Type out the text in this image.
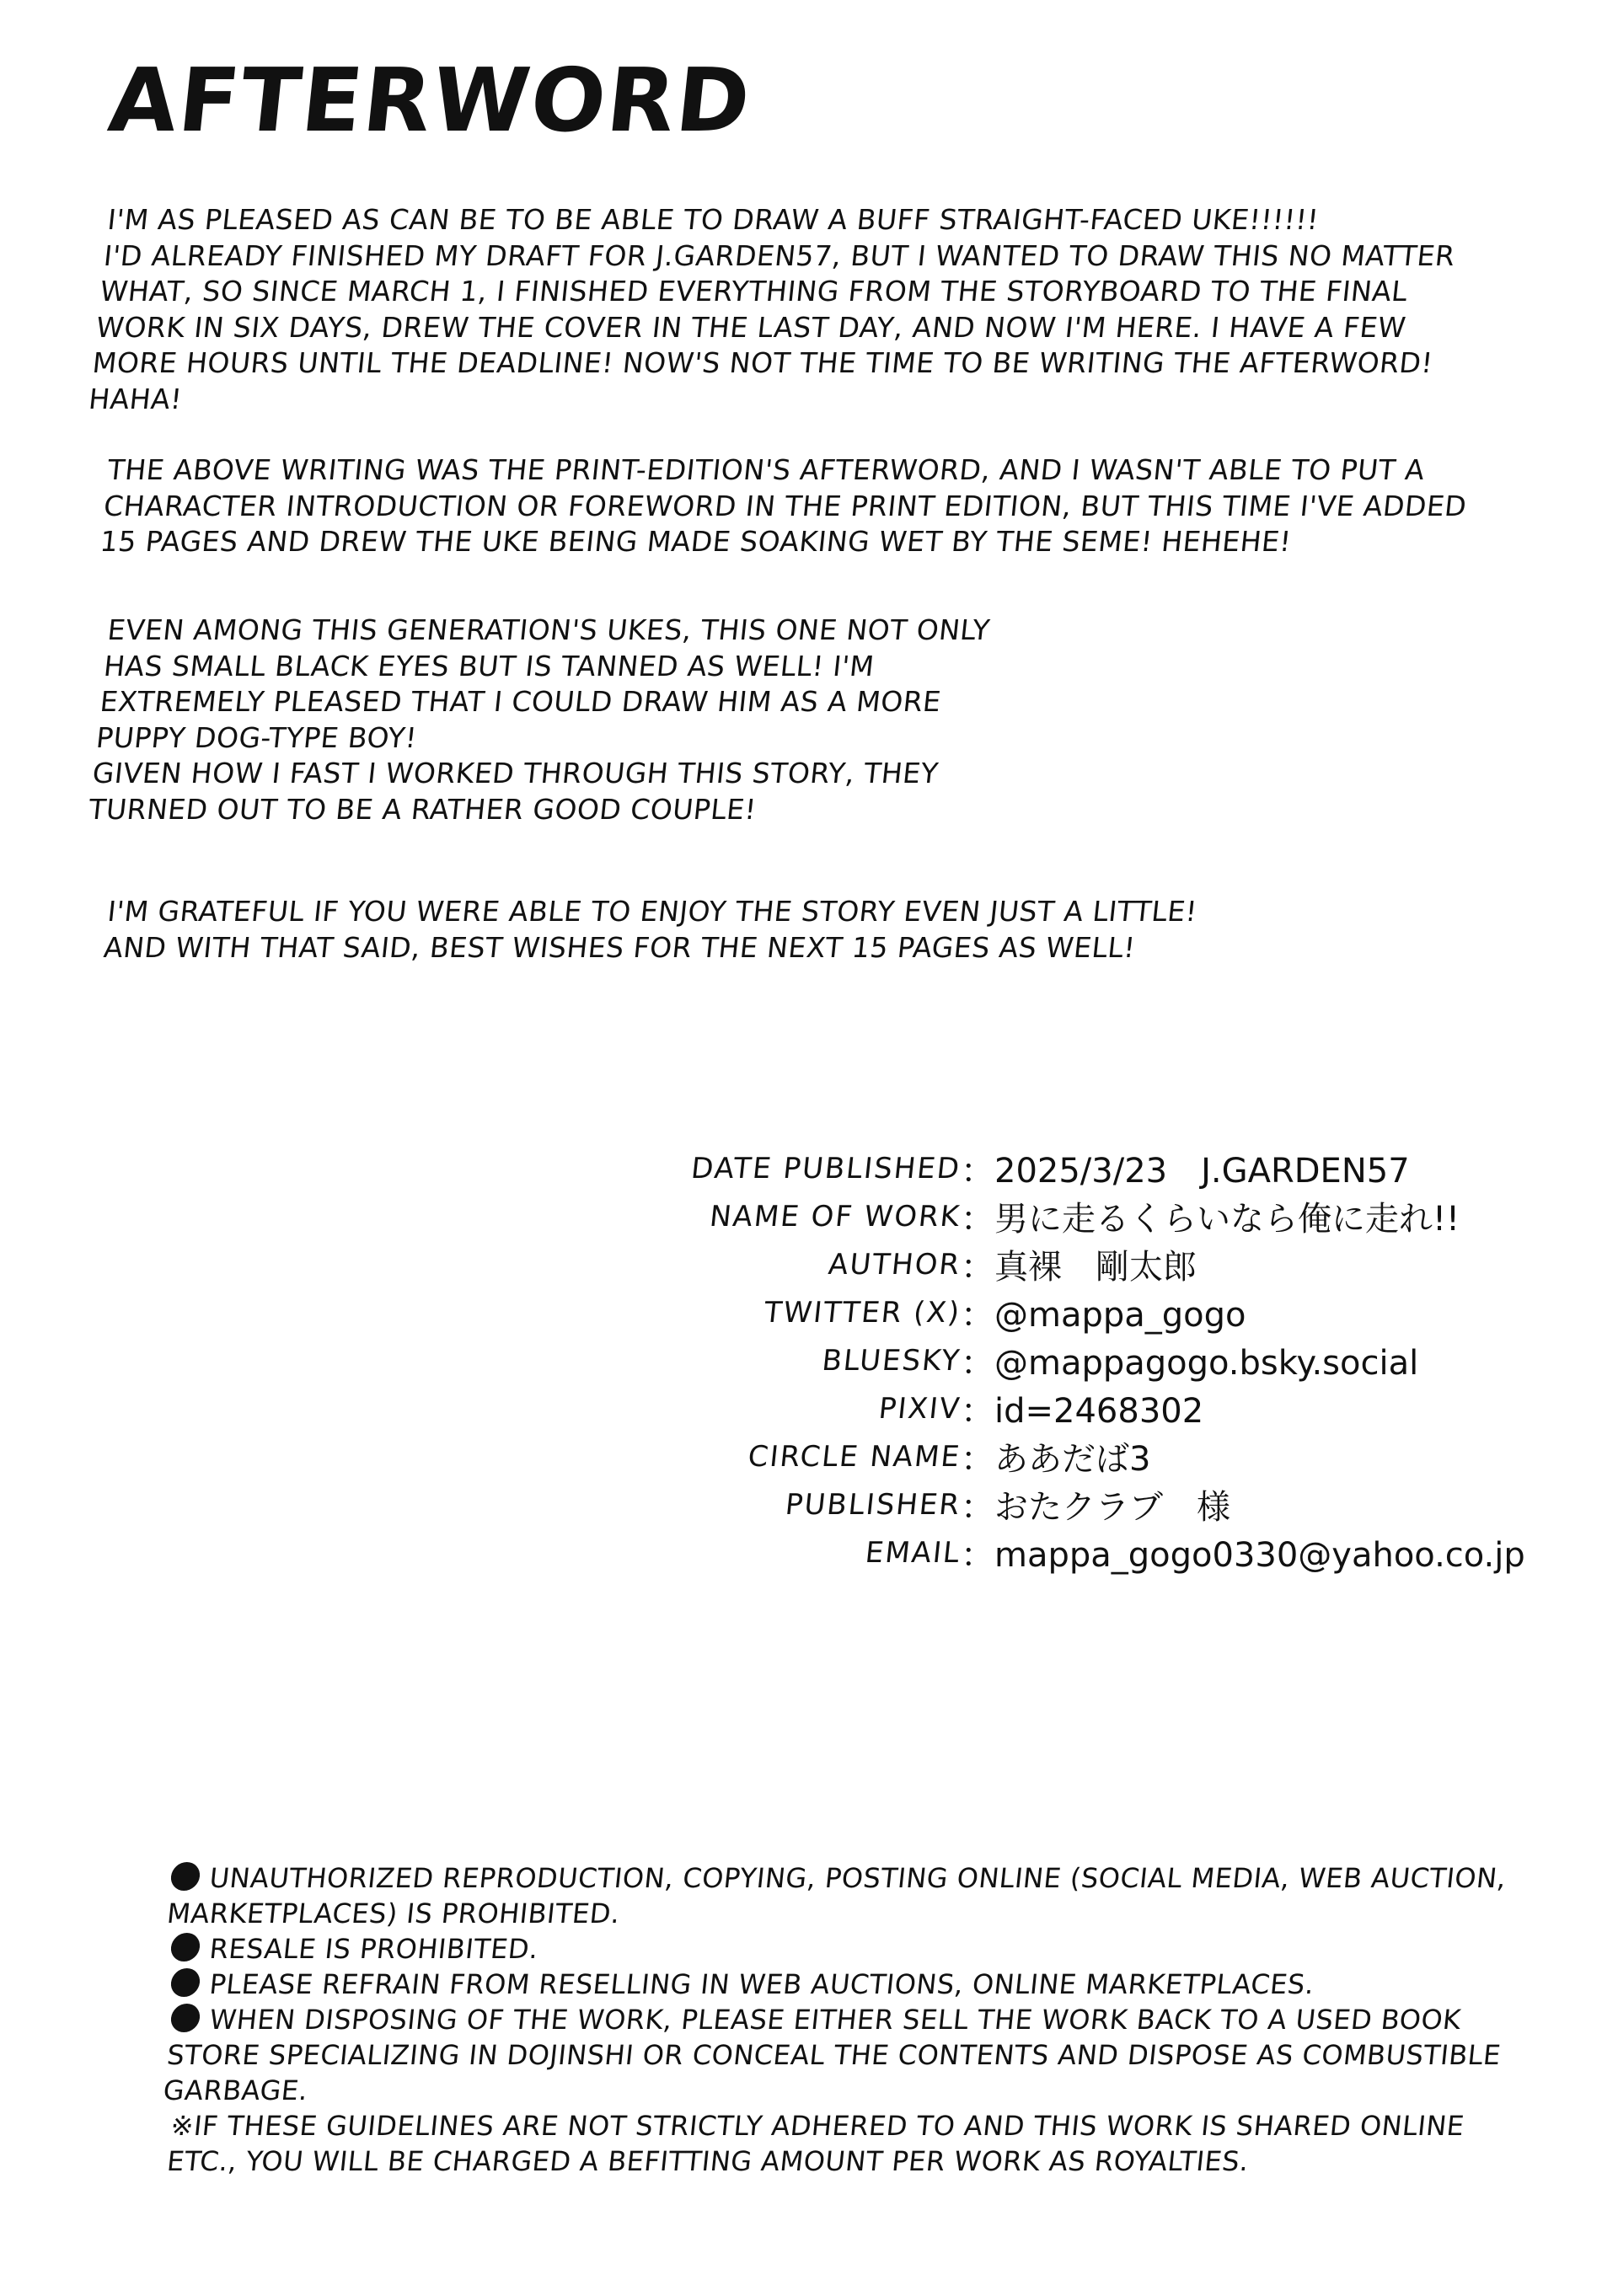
AFTERWORD

I'M AS PLEASED AS CAN BE TO BE ABLE TO DRAW A BUFF STRAIGHT-FACED UKE!!!!!!
I'D ALREADY FINISHED MY DRAFT FOR J.GARDEN57, BUT I WANTED TO DRAW THIS NO MATTER WHAT, SO SINCE MARCH 1, I FINISHED EVERYTHING FROM THE STORYBOARD TO THE FINAL WORK IN SIX DAYS, DREW THE COVER IN THE LAST DAY, AND NOW I'M HERE. I HAVE A FEW MORE HOURS UNTIL THE DEADLINE! NOW'S NOT THE TIME TO BE WRITING THE AFTERWORD! HAHA!

THE ABOVE WRITING WAS THE PRINT-EDITION'S AFTERWORD, AND I WASN'T ABLE TO PUT A CHARACTER INTRODUCTION OR FOREWORD IN THE PRINT EDITION, BUT THIS TIME I'VE ADDED 15 PAGES AND DREW THE UKE BEING MADE SOAKING WET BY THE SEME! HEHEHE!

EVEN AMONG THIS GENERATION'S UKES, THIS ONE NOT ONLY HAS SMALL BLACK EYES BUT IS TANNED AS WELL! I'M EXTREMELY PLEASED THAT I COULD DRAW HIM AS A MORE PUPPY DOG-TYPE BOY!
GIVEN HOW I FAST I WORKED THROUGH THIS STORY, THEY TURNED OUT TO BE A RATHER GOOD COUPLE!

I'M GRATEFUL IF YOU WERE ABLE TO ENJOY THE STORY EVEN JUST A LITTLE!
AND WITH THAT SAID, BEST WISHES FOR THE NEXT 15 PAGES AS WELL!

DATE PUBLISHED
：2025/3/23　J.GARDEN57
NAME OF WORK
：男に走るくらいなら俺に走れ!!
AUTHOR
：真裸　剛太郎
TWITTER (X)
：@mappa_gogo
BLUESKY
：@mappagogo.bsky.social
PIXIV
：id=2468302
CIRCLE NAME
：ああだば3
PUBLISHER
：おたクラブ　様
EMAIL
：mappa_gogo0330@yahoo.co.jp

UNAUTHORIZED REPRODUCTION, COPYING, POSTING ONLINE (SOCIAL MEDIA, WEB AUCTION, MARKETPLACES) IS PROHIBITED.

RESALE IS PROHIBITED.

PLEASE REFRAIN FROM RESELLING IN WEB AUCTIONS, ONLINE MARKETPLACES.

WHEN DISPOSING OF THE WORK, PLEASE EITHER SELL THE WORK BACK TO A USED BOOK STORE SPECIALIZING IN DOJINSHI OR CONCEAL THE CONTENTS AND DISPOSE AS COMBUSTIBLE GARBAGE.

※IF THESE GUIDELINES ARE NOT STRICTLY ADHERED TO AND THIS WORK IS SHARED ONLINE ETC., YOU WILL BE CHARGED A BEFITTING AMOUNT PER WORK AS ROYALTIES.
